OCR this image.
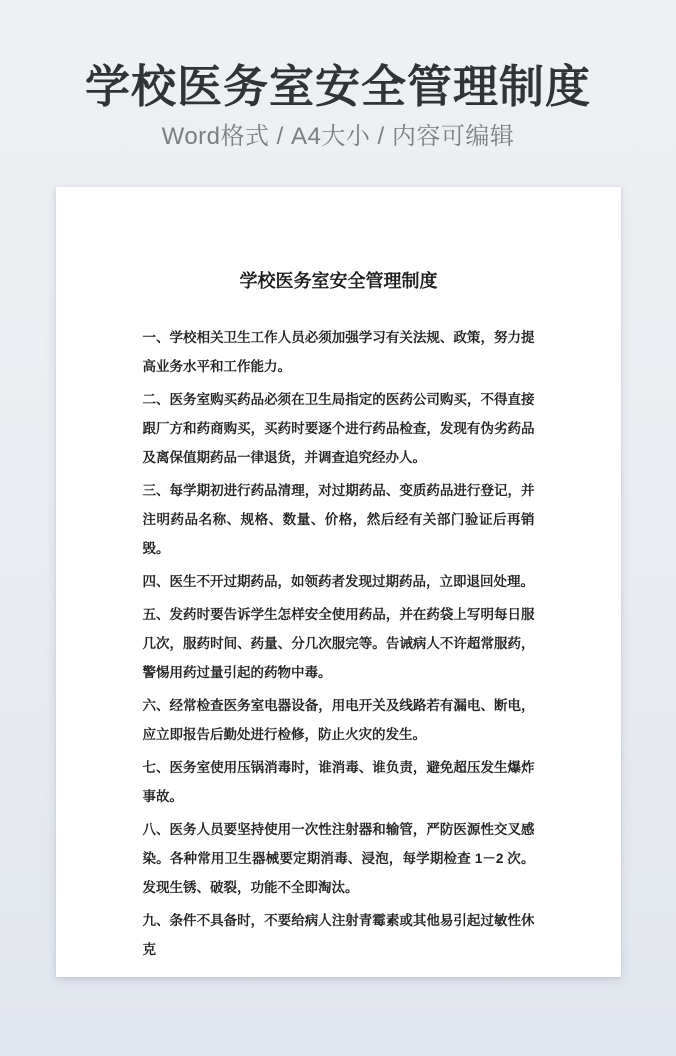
学校医务室安全管理制度
Word格式 / A4大小 / 内容可编辑
学校医务室安全管理制度

一、学校相关卫生工作人员必须加强学习有关法规、政策，努力提高业务水平和工作能力。

二、医务室购买药品必须在卫生局指定的医药公司购买，不得直接跟厂方和药商购买，买药时要逐个进行药品检查，发现有伪劣药品及离保值期药品一律退货，并调查追究经办人。

三、每学期初进行药品清理，对过期药品、变质药品进行登记，并注明药品名称、规格、数量、价格，然后经有关部门验证后再销毁。

四、医生不开过期药品，如领药者发现过期药品，立即退回处理。

五、发药时要告诉学生怎样安全使用药品，并在药袋上写明每日服几次，服药时间、药量、分几次服完等。告诫病人不许超常服药，警惕用药过量引起的药物中毒。

六、经常检查医务室电器设备，用电开关及线路若有漏电、断电，应立即报告后勤处进行检修，防止火灾的发生。

七、医务室使用压锅消毒时，谁消毒、谁负责，避免超压发生爆炸事故。

八、医务人员要坚持使用一次性注射器和输管，严防医源性交叉感染。各种常用卫生器械要定期消毒、浸泡，每学期检查 1－2 次。发现生锈、破裂，功能不全即淘汰。

九、条件不具备时，不要给病人注射青霉素或其他易引起过敏性休克
